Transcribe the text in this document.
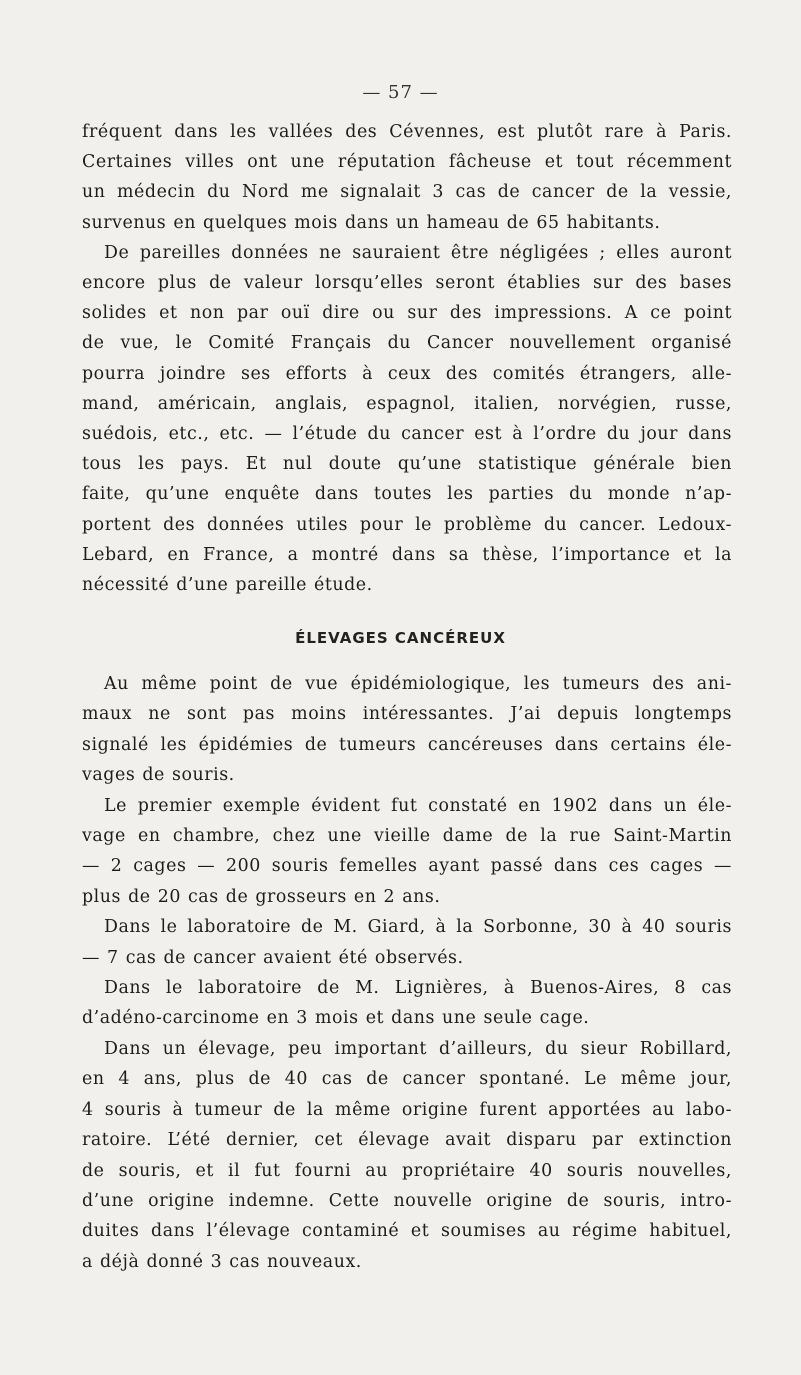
— 57 —
fréquent dans les vallées des Cévennes, est plutôt rare à Paris.
Certaines villes ont une réputation fâcheuse et tout récemment
un médecin du Nord me signalait 3 cas de cancer de la vessie,
survenus en quelques mois dans un hameau de 65 habitants.
De pareilles données ne sauraient être négligées ; elles auront
encore plus de valeur lorsqu’elles seront établies sur des bases
solides et non par ouï dire ou sur des impressions. A ce point
de vue, le Comité Français du Cancer nouvellement organisé
pourra joindre ses efforts à ceux des comités étrangers, alle-
mand, américain, anglais, espagnol, italien, norvégien, russe,
suédois, etc., etc. — l’étude du cancer est à l’ordre du jour dans
tous les pays. Et nul doute qu’une statistique générale bien
faite, qu’une enquête dans toutes les parties du monde n’ap-
portent des données utiles pour le problème du cancer. Ledoux-
Lebard, en France, a montré dans sa thèse, l’importance et la
nécessité d’une pareille étude.
ÉLEVAGES CANCÉREUX
Au même point de vue épidémiologique, les tumeurs des ani-
maux ne sont pas moins intéressantes. J’ai depuis longtemps
signalé les épidémies de tumeurs cancéreuses dans certains éle-
vages de souris.
Le premier exemple évident fut constaté en 1902 dans un éle-
vage en chambre, chez une vieille dame de la rue Saint-Martin
— 2 cages — 200 souris femelles ayant passé dans ces cages —
plus de 20 cas de grosseurs en 2 ans.
Dans le laboratoire de M. Giard, à la Sorbonne, 30 à 40 souris
— 7 cas de cancer avaient été observés.
Dans le laboratoire de M. Lignières, à Buenos-Aires, 8 cas
d’adéno-carcinome en 3 mois et dans une seule cage.
Dans un élevage, peu important d’ailleurs, du sieur Robillard,
en 4 ans, plus de 40 cas de cancer spontané. Le même jour,
4 souris à tumeur de la même origine furent apportées au labo-
ratoire. L’été dernier, cet élevage avait disparu par extinction
de souris, et il fut fourni au propriétaire 40 souris nouvelles,
d’une origine indemne. Cette nouvelle origine de souris, intro-
duites dans l’élevage contaminé et soumises au régime habituel,
a déjà donné 3 cas nouveaux.
